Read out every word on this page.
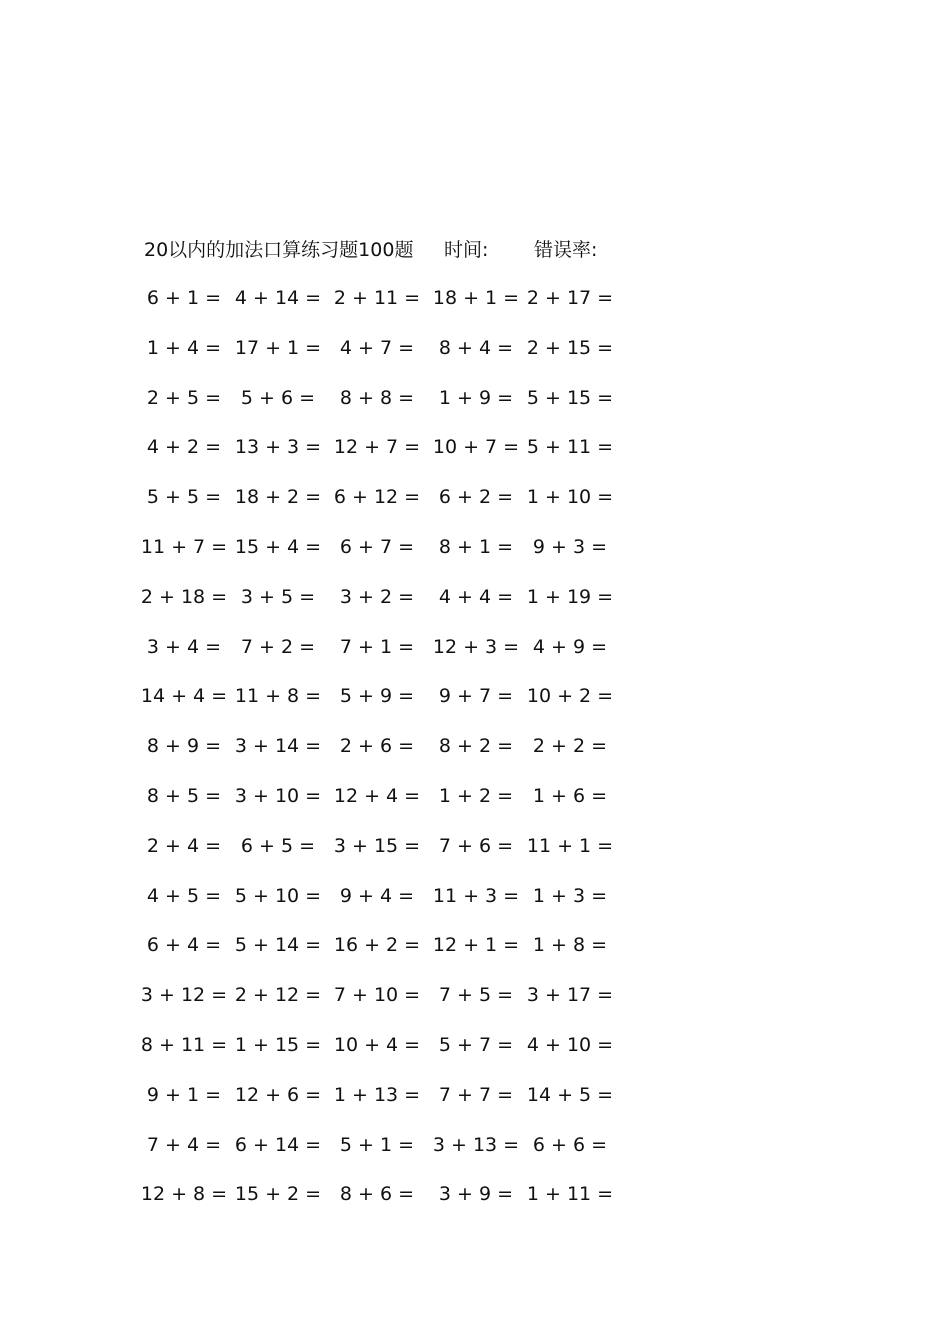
20以内的加法口算练习题100题 时间: 错误率:
6 + 1 = 4 + 14 = 2 + 11 = 18 + 1 = 2 + 17 =
1 + 4 = 17 + 1 = 4 + 7 = 8 + 4 = 2 + 15 =
2 + 5 = 5 + 6 = 8 + 8 = 1 + 9 = 5 + 15 =
4 + 2 = 13 + 3 = 12 + 7 = 10 + 7 = 5 + 11 =
5 + 5 = 18 + 2 = 6 + 12 = 6 + 2 = 1 + 10 =
11 + 7 = 15 + 4 = 6 + 7 = 8 + 1 = 9 + 3 =
2 + 18 = 3 + 5 = 3 + 2 = 4 + 4 = 1 + 19 =
3 + 4 = 7 + 2 = 7 + 1 = 12 + 3 = 4 + 9 =
14 + 4 = 11 + 8 = 5 + 9 = 9 + 7 = 10 + 2 =
8 + 9 = 3 + 14 = 2 + 6 = 8 + 2 = 2 + 2 =
8 + 5 = 3 + 10 = 12 + 4 = 1 + 2 = 1 + 6 =
2 + 4 = 6 + 5 = 3 + 15 = 7 + 6 = 11 + 1 =
4 + 5 = 5 + 10 = 9 + 4 = 11 + 3 = 1 + 3 =
6 + 4 = 5 + 14 = 16 + 2 = 12 + 1 = 1 + 8 =
3 + 12 = 2 + 12 = 7 + 10 = 7 + 5 = 3 + 17 =
8 + 11 = 1 + 15 = 10 + 4 = 5 + 7 = 4 + 10 =
9 + 1 = 12 + 6 = 1 + 13 = 7 + 7 = 14 + 5 =
7 + 4 = 6 + 14 = 5 + 1 = 3 + 13 = 6 + 6 =
12 + 8 = 15 + 2 = 8 + 6 = 3 + 9 = 1 + 11 =
